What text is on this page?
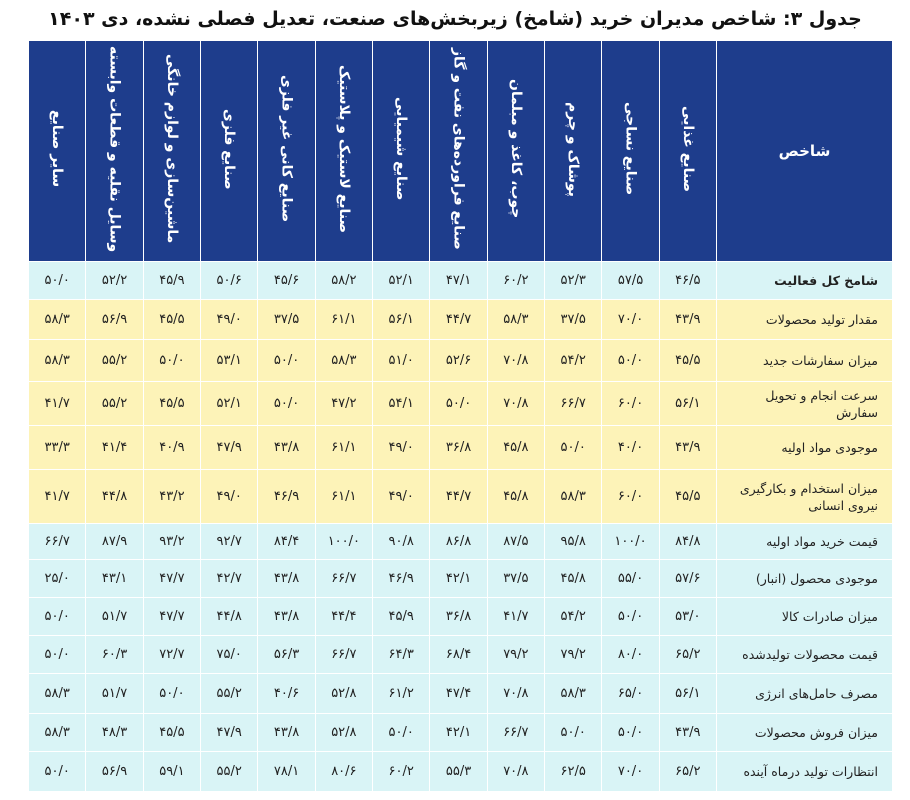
جدول ۳: شاخص مدیران خرید (شامخ) زیربخش‌های صنعت، تعدیل فصلی نشده، دی ۱۴۰۳
شاخص	صنایع غذایی	صنایع نساجی	پوشاک و چرم	چوب، کاغذ و مبلمان	صنایع فراورده‌های نفت و گاز	صنایع شیمیایی	صنایع لاستیک و پلاستیک	صنایع کانی غیر فلزی	صنایع فلزی	ماشین‌سازی و لوازم خانگی	وسایل نقلیه و قطعات وابسته	سایر صنایع
شامخ کل فعالیت	۴۶/۵	۵۷/۵	۵۲/۳	۶۰/۲	۴۷/۱	۵۲/۱	۵۸/۲	۴۵/۶	۵۰/۶	۴۵/۹	۵۲/۲	۵۰/۰
مقدار تولید محصولات	۴۳/۹	۷۰/۰	۳۷/۵	۵۸/۳	۴۴/۷	۵۶/۱	۶۱/۱	۳۷/۵	۴۹/۰	۴۵/۵	۵۶/۹	۵۸/۳
میزان سفارشات جدید	۴۵/۵	۵۰/۰	۵۴/۲	۷۰/۸	۵۲/۶	۵۱/۰	۵۸/۳	۵۰/۰	۵۳/۱	۵۰/۰	۵۵/۲	۵۸/۳
سرعت انجام و تحویل سفارش	۵۶/۱	۶۰/۰	۶۶/۷	۷۰/۸	۵۰/۰	۵۴/۱	۴۷/۲	۵۰/۰	۵۲/۱	۴۵/۵	۵۵/۲	۴۱/۷
موجودی مواد اولیه	۴۳/۹	۴۰/۰	۵۰/۰	۴۵/۸	۳۶/۸	۴۹/۰	۶۱/۱	۴۳/۸	۴۷/۹	۴۰/۹	۴۱/۴	۳۳/۳
میزان استخدام و بکارگیری نیروی انسانی	۴۵/۵	۶۰/۰	۵۸/۳	۴۵/۸	۴۴/۷	۴۹/۰	۶۱/۱	۴۶/۹	۴۹/۰	۴۳/۲	۴۴/۸	۴۱/۷
قیمت خرید مواد اولیه	۸۴/۸	۱۰۰/۰	۹۵/۸	۸۷/۵	۸۶/۸	۹۰/۸	۱۰۰/۰	۸۴/۴	۹۲/۷	۹۳/۲	۸۷/۹	۶۶/۷
موجودی محصول (انبار)	۵۷/۶	۵۵/۰	۴۵/۸	۳۷/۵	۴۲/۱	۴۶/۹	۶۶/۷	۴۳/۸	۴۲/۷	۴۷/۷	۴۳/۱	۲۵/۰
میزان صادرات کالا	۵۳/۰	۵۰/۰	۵۴/۲	۴۱/۷	۳۶/۸	۴۵/۹	۴۴/۴	۴۳/۸	۴۴/۸	۴۷/۷	۵۱/۷	۵۰/۰
قیمت محصولات تولیدشده	۶۵/۲	۸۰/۰	۷۹/۲	۷۹/۲	۶۸/۴	۶۴/۳	۶۶/۷	۵۶/۳	۷۵/۰	۷۲/۷	۶۰/۳	۵۰/۰
مصرف حامل‌های انرژی	۵۶/۱	۶۵/۰	۵۸/۳	۷۰/۸	۴۷/۴	۶۱/۲	۵۲/۸	۴۰/۶	۵۵/۲	۵۰/۰	۵۱/۷	۵۸/۳
میزان فروش محصولات	۴۳/۹	۵۰/۰	۵۰/۰	۶۶/۷	۴۲/۱	۵۰/۰	۵۲/۸	۴۳/۸	۴۷/۹	۴۵/۵	۴۸/۳	۵۸/۳
انتظارات تولید درماه آینده	۶۵/۲	۷۰/۰	۶۲/۵	۷۰/۸	۵۵/۳	۶۰/۲	۸۰/۶	۷۸/۱	۵۵/۲	۵۹/۱	۵۶/۹	۵۰/۰
